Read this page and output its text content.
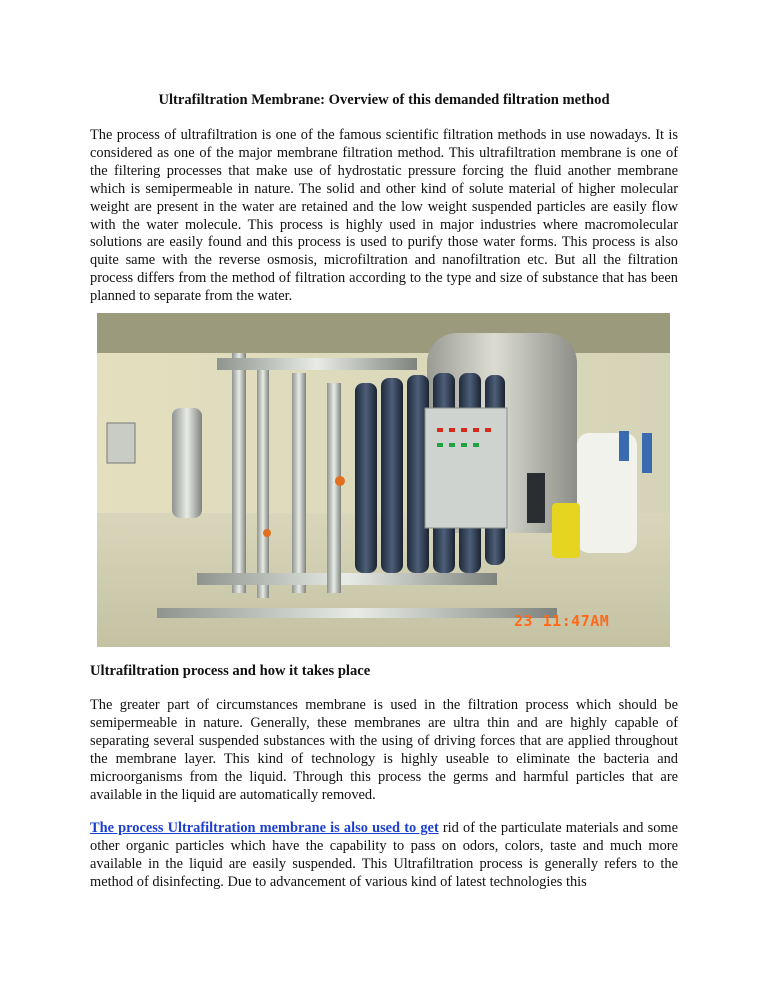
Ultrafiltration Membrane: Overview of this demanded filtration method
The process of ultrafiltration is one of the famous scientific filtration methods in use nowadays. It is considered as one of the major membrane filtration method. This ultrafiltration membrane is one of the filtering processes that make use of hydrostatic pressure forcing the fluid another membrane which is semipermeable in nature. The solid and other kind of solute material of higher molecular weight are present in the water are retained and the low weight suspended particles are easily flow with the water molecule. This process is highly used in major industries where macromolecular solutions are easily found and this process is used to purify those water forms. This process is also quite same with the reverse osmosis, microfiltration and nanofiltration etc. But all the filtration process differs from the method of filtration according to the type and size of substance that has been planned to separate from the water.
23 11:47AM
Ultrafiltration process and how it takes place
The greater part of circumstances membrane is used in the filtration process which should be semipermeable in nature. Generally, these membranes are ultra thin and are highly capable of separating several suspended substances with the using of driving forces that are applied throughout the membrane layer. This kind of technology is highly useable to eliminate the bacteria and microorganisms from the liquid. Through this process the germs and harmful particles that are available in the liquid are automatically removed.
The process Ultrafiltration membrane is also used to get rid of the particulate materials and some other organic particles which have the capability to pass on odors, colors, taste and much more available in the liquid are easily suspended. This Ultrafiltration process is generally refers to the method of disinfecting. Due to advancement of various kind of latest technologies this
